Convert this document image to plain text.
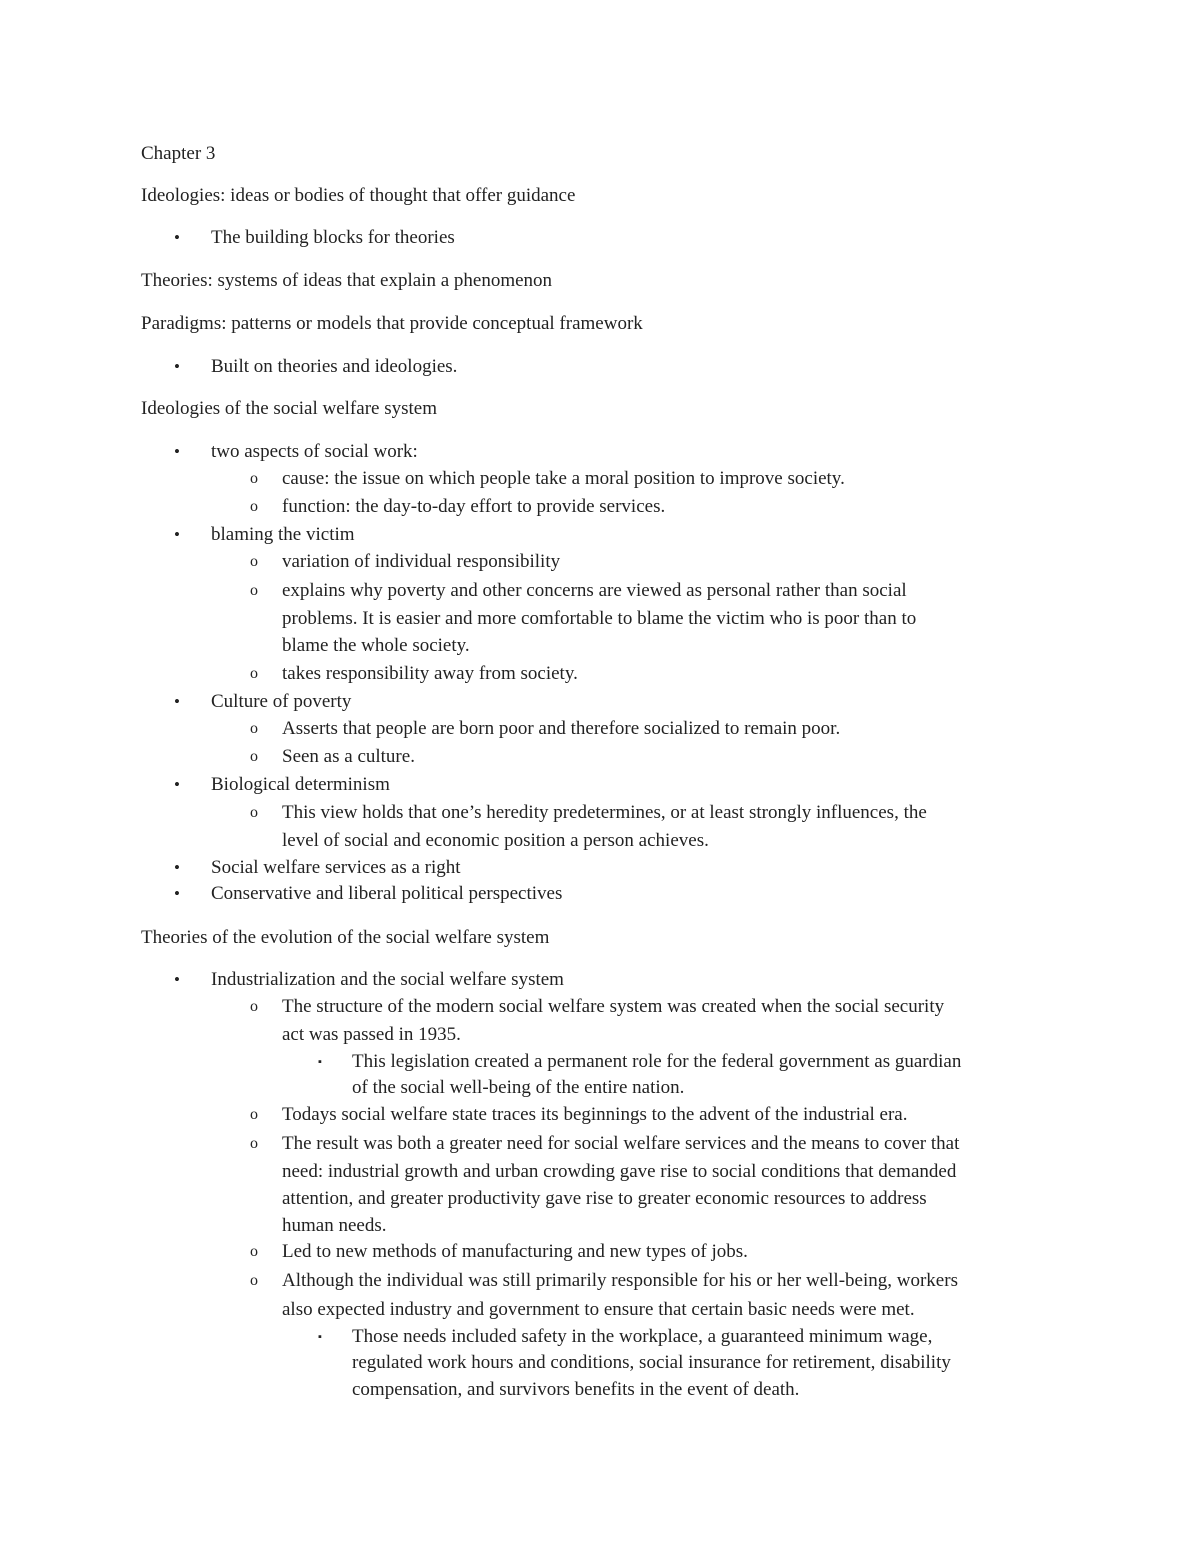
Chapter 3

Ideologies: ideas or bodies of thought that offer guidance

• The building blocks for theories

Theories: systems of ideas that explain a phenomenon

Paradigms: patterns or models that provide conceptual framework

• Built on theories and ideologies.

Ideologies of the social welfare system

• two aspects of social work:

o cause: the issue on which people take a moral position to improve society.

o function: the day-to-day effort to provide services.

• blaming the victim

o variation of individual responsibility

o explains why poverty and other concerns are viewed as personal rather than social

problems. It is easier and more comfortable to blame the victim who is poor than to

blame the whole society.

o takes responsibility away from society.

• Culture of poverty

o Asserts that people are born poor and therefore socialized to remain poor.

o Seen as a culture.

• Biological determinism

o This view holds that one’s heredity predetermines, or at least strongly influences, the

level of social and economic position a person achieves.

• Social welfare services as a right

• Conservative and liberal political perspectives

Theories of the evolution of the social welfare system

• Industrialization and the social welfare system

o The structure of the modern social welfare system was created when the social security

act was passed in 1935.

▪ This legislation created a permanent role for the federal government as guardian

of the social well-being of the entire nation.

o Todays social welfare state traces its beginnings to the advent of the industrial era.

o The result was both a greater need for social welfare services and the means to cover that

need: industrial growth and urban crowding gave rise to social conditions that demanded

attention, and greater productivity gave rise to greater economic resources to address

human needs.

o Led to new methods of manufacturing and new types of jobs.

o Although the individual was still primarily responsible for his or her well-being, workers

also expected industry and government to ensure that certain basic needs were met.

▪ Those needs included safety in the workplace, a guaranteed minimum wage,

regulated work hours and conditions, social insurance for retirement, disability

compensation, and survivors benefits in the event of death.
